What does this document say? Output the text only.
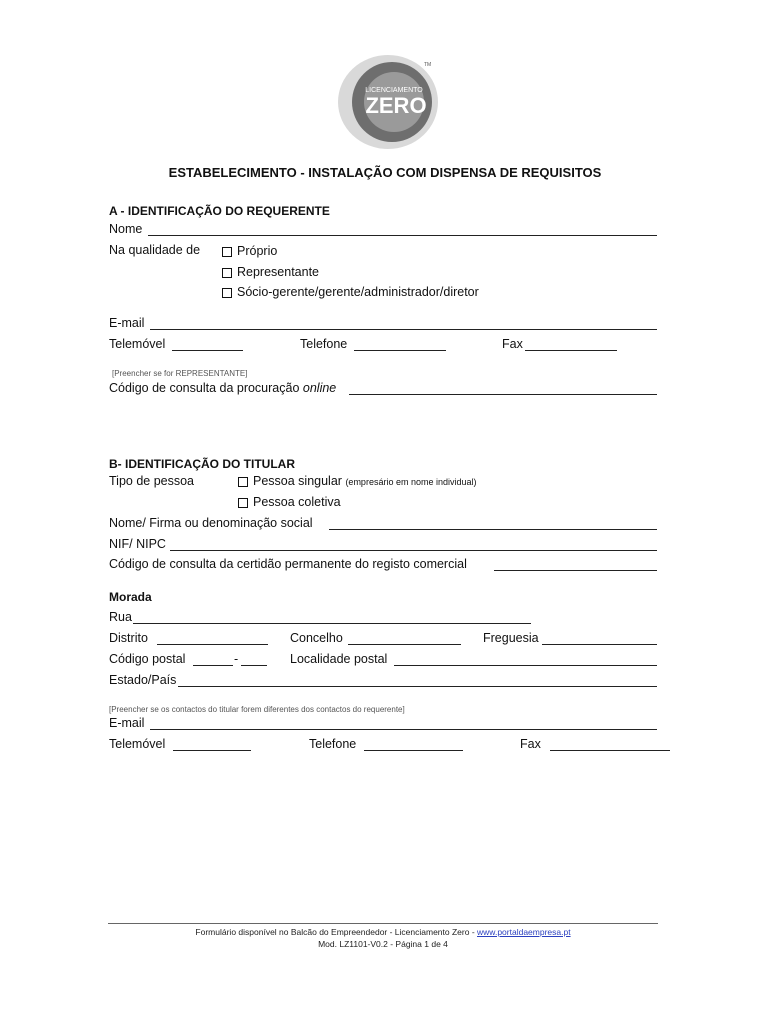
LICENCIAMENTO
ZERO
TM
ESTABELECIMENTO - INSTALAÇÃO COM DISPENSA DE REQUISITOS
A - IDENTIFICAÇÃO DO REQUERENTE
Nome
Na qualidade de	Próprio
Representante
Sócio-gerente/gerente/administrador/diretor
E-mail
Telemóvel	Telefone	Fax
[Preencher se for REPRESENTANTE]
Código de consulta da procuração online
B- IDENTIFICAÇÃO DO TITULAR
Tipo de pessoa	Pessoa singular (empresário em nome individual)
Pessoa coletiva
Nome/ Firma ou denominação social
NIF/ NIPC
Código de consulta da certidão permanente do registo comercial
Morada
Rua
Distrito	Concelho	Freguesia
Código postal	-	Localidade postal
Estado/País
[Preencher se os contactos do titular forem diferentes dos contactos do requerente]
E-mail
Telemóvel	Telefone	Fax
Formulário disponível no Balcão do Empreendedor - Licenciamento Zero - www.portaldaempresa.pt
Mod. LZ1101-V0.2 - Página 1 de 4
